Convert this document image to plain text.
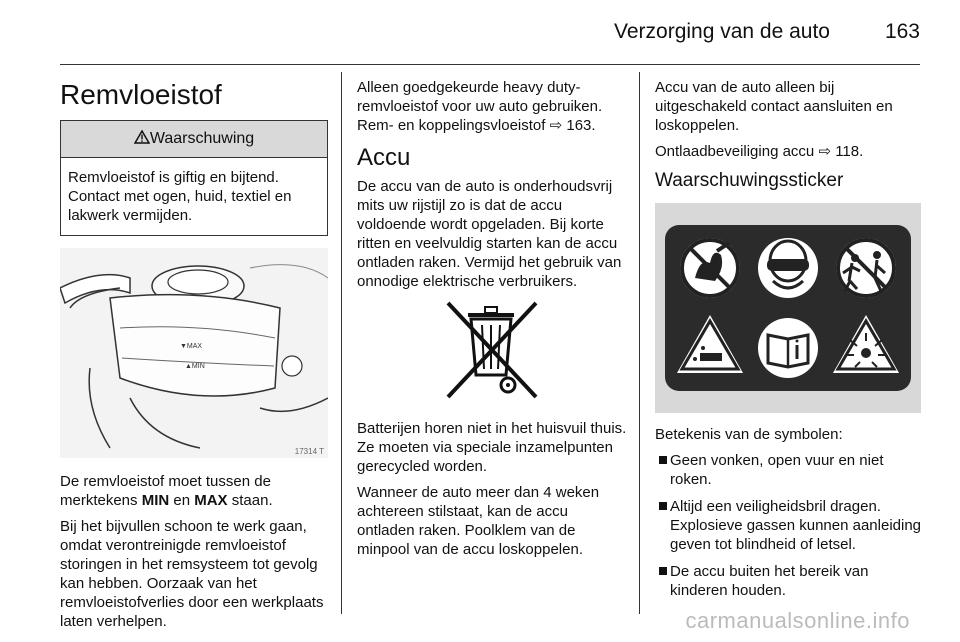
Verzorging van de auto	163
Remvloeistof
Waarschuwing
Remvloeistof is giftig en bijtend. Contact met ogen, huid, textiel en lakwerk vermijden.
▼MAX
▲MIN
17314 T

De remvloeistof moet tussen de merktekens MIN en MAX staan.

Bij het bijvullen schoon te werk gaan, omdat verontreinigde remvloeistof storingen in het remsysteem tot gevolg kan hebben. Oorzaak van het remvloeistofverlies door een werkplaats laten verhelpen.

Alleen goedgekeurde heavy duty-remvloeistof voor uw auto gebruiken. Rem- en koppelingsvloeistof ⇨ 163.

Accu

De accu van de auto is onderhoudsvrij mits uw rijstijl zo is dat de accu voldoende wordt opgeladen. Bij korte ritten en veelvuldig starten kan de accu ontladen raken. Vermijd het gebruik van onnodige elektrische verbruikers.

Batterijen horen niet in het huisvuil thuis. Ze moeten via speciale inzamelpunten gerecycled worden.

Wanneer de auto meer dan 4 weken achtereen stilstaat, kan de accu ontladen raken. Poolklem van de minpool van de accu loskoppelen.

Accu van de auto alleen bij uitgeschakeld contact aansluiten en loskoppelen.

Ontlaadbeveiliging accu ⇨ 118.

Waarschuwingssticker

Betekenis van de symbolen:

Geen vonken, open vuur en niet roken.
Altijd een veiligheidsbril dragen. Explosieve gassen kunnen aanleiding geven tot blindheid of letsel.
De accu buiten het bereik van kinderen houden.
carmanualsonline.info
